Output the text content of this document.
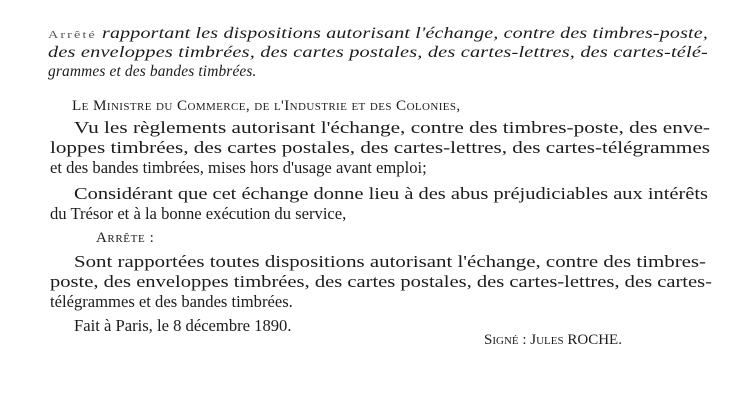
Arrêté rapportant les dispositions autorisant l'échange, contre des timbres-poste,
des enveloppes timbrées, des cartes postales, des cartes-lettres, des cartes-télé-
grammes et des bandes timbrées.
Le Ministre du Commerce, de l'Industrie et des Colonies,
Vu les règlements autorisant l'échange, contre des timbres-poste, des enve-
loppes timbrées, des cartes postales, des cartes-lettres, des cartes-télégrammes
et des bandes timbrées, mises hors d'usage avant emploi;
Considérant que cet échange donne lieu à des abus préjudiciables aux intérêts
du Trésor et à la bonne exécution du service,
Arrête :
Sont rapportées toutes dispositions autorisant l'échange, contre des timbres-
poste, des enveloppes timbrées, des cartes postales, des cartes-lettres, des cartes-
télégrammes et des bandes timbrées.
Fait à Paris, le 8 décembre 1890.
Signé : Jules ROCHE.
